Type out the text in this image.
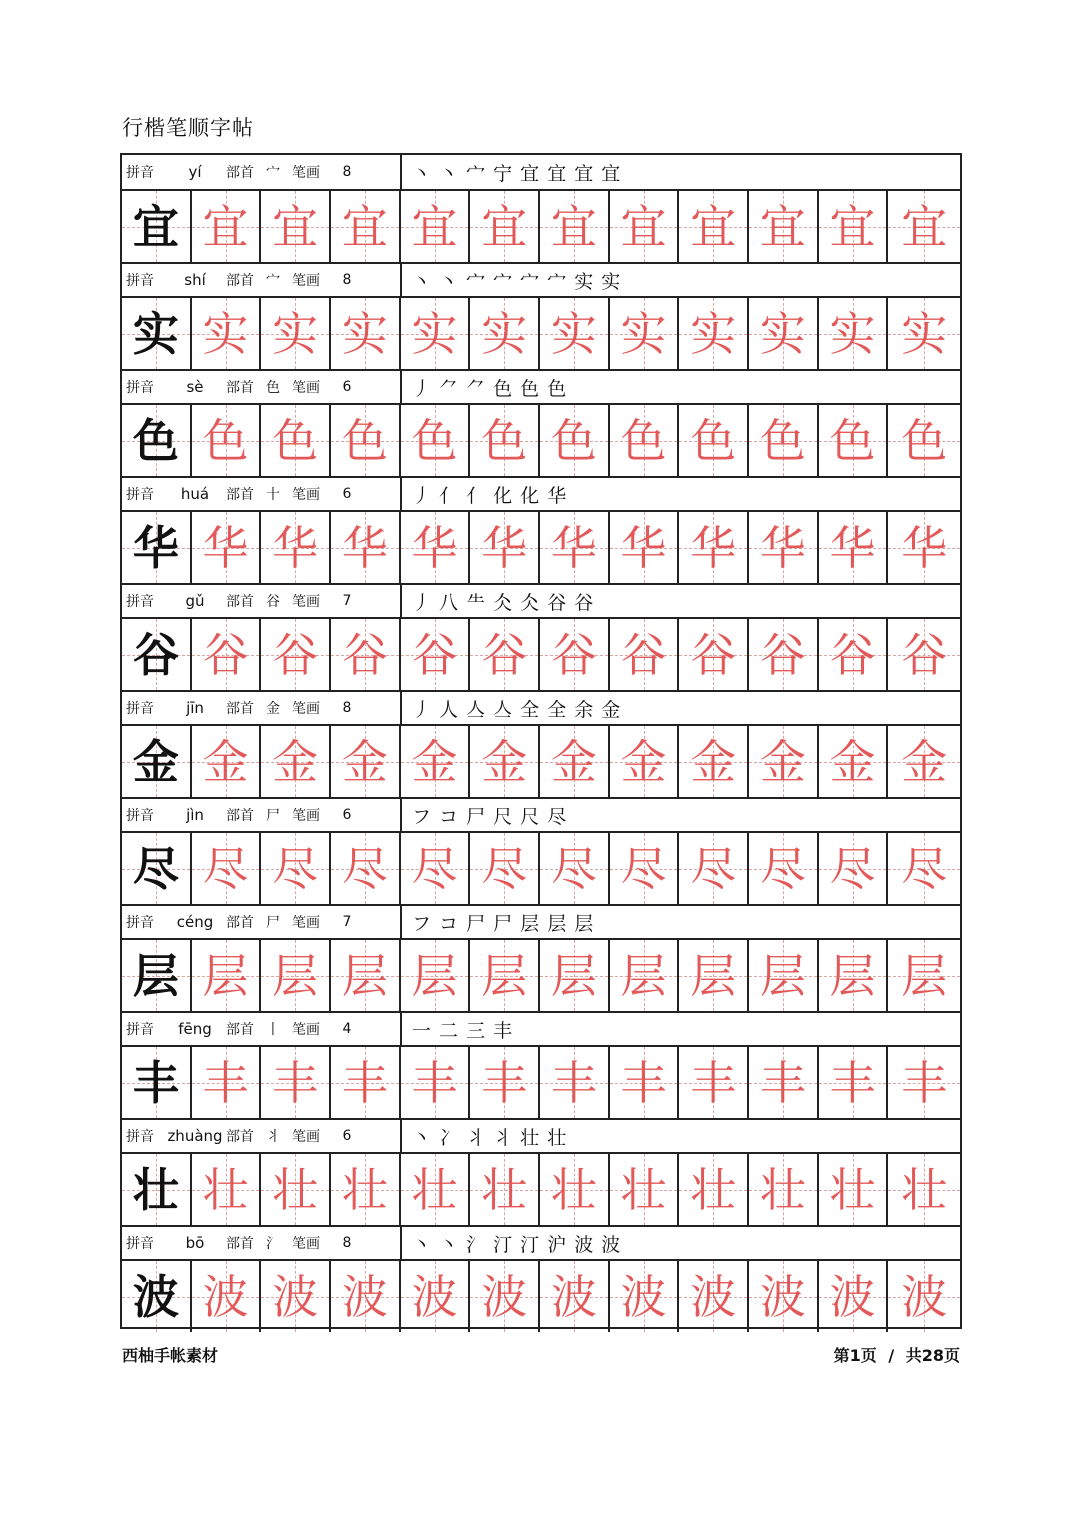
行楷笔顺字帖
拼音	yí	部首 宀 笔画	8	丶 丶 宀 宁 宜 宜 宜 宜
宜 宜 宜 宜 宜 宜 宜 宜 宜 宜 宜 宜
拼音	shí	部首 宀 笔画	8	丶 丶 宀 宀 宀 宀 实 实
实 实 实 实 实 实 实 实 实 实 实 实
拼音	sè	部首 色 笔画	6	丿 ⺈ ⺈ 色 色 色
色 色 色 色 色 色 色 色 色 色 色 色
拼音	huá	部首 十 笔画	6	丿 亻 亻 化 化 华
华 华 华 华 华 华 华 华 华 华 华 华
拼音	gǔ	部首 谷 笔画	7	丿 八 ⺧ 仌 仌 谷 谷
谷 谷 谷 谷 谷 谷 谷 谷 谷 谷 谷 谷
拼音	jīn	部首 金 笔画	8	丿 人 亼 亼 全 全 余 金
金 金 金 金 金 金 金 金 金 金 金 金
拼音	jìn	部首 尸 笔画	6	フ コ 尸 尺 尺 尽
尽 尽 尽 尽 尽 尽 尽 尽 尽 尽 尽 尽
拼音	céng 部首 尸 笔画	7	フ コ 尸 尸 层 层 层
层 层 层 层 层 层 层 层 层 层 层 层
拼音	fēng	部首 丨 笔画	4	一 二 三 丰
丰 丰 丰 丰 丰 丰 丰 丰 丰 丰 丰 丰
拼音 zhuàng 部首 丬 笔画	6	丶 冫 丬 丬 壮 壮
壮 壮 壮 壮 壮 壮 壮 壮 壮 壮 壮 壮
拼音	bō	部首 氵 笔画	8	丶 丶 氵 汀 汀 沪 波 波
波 波 波 波 波 波 波 波 波 波 波 波
西柚手帐素材	第1页 / 共28页
